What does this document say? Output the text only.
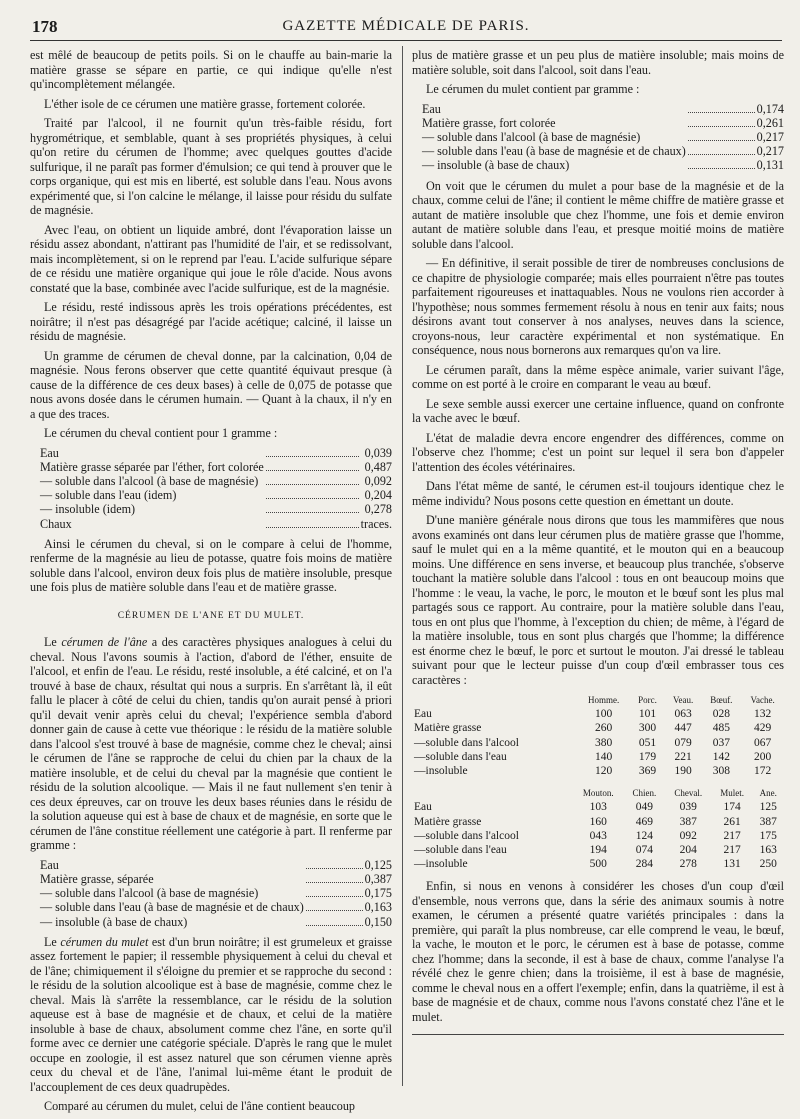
178	GAZETTE MÉDICALE DE PARIS.

est mêlé de beaucoup de petits poils. Si on le chauffe au bain-marie la matière grasse se sépare en partie, ce qui indique qu'elle n'est qu'incomplètement mélangée.

L'éther isole de ce cérumen une matière grasse, fortement colorée.

Traité par l'alcool, il ne fournit qu'un très-faible résidu, fort hygrométrique, et semblable, quant à ses propriétés physiques, à celui qu'on retire du cérumen de l'homme; avec quelques gouttes d'acide sulfurique, il ne paraît pas former d'émulsion; ce qui tend à prouver que le corps organique, qui est mis en liberté, est soluble dans l'eau. Nous avons expérimenté que, si l'on calcine le mélange, il laisse pour résidu du sulfate de magnésie.

Avec l'eau, on obtient un liquide ambré, dont l'évaporation laisse un résidu assez abondant, n'attirant pas l'humidité de l'air, et se redissolvant, mais incomplètement, si on le reprend par l'eau. L'acide sulfurique sépare de ce résidu une matière organique qui joue le rôle d'acide. Nous avons constaté que la base, combinée avec l'acide sulfurique, est de la magnésie.

Le résidu, resté indissous après les trois opérations précédentes, est noirâtre; il n'est pas désagrégé par l'acide acétique; calciné, il laisse un résidu de magnésie.

Un gramme de cérumen de cheval donne, par la calcination, 0,04 de magnésie. Nous ferons observer que cette quantité équivaut presque (à cause de la différence de ces deux bases) à celle de 0,075 de potasse que nous avons dosée dans le cérumen humain. — Quant à la chaux, il n'y en a que des traces.

Le cérumen du cheval contient pour 1 gramme :

Eau		0,039
Matière grasse séparée par l'éther, fort colorée		0,487
— soluble dans l'alcool (à base de magnésie)		0,092
— soluble dans l'eau (idem)		0,204
— insoluble (idem)		0,278
Chaux		traces.

Ainsi le cérumen du cheval, si on le compare à celui de l'homme, renferme de la magnésie au lieu de potasse, quatre fois moins de matière soluble dans l'alcool, environ deux fois plus de matière insoluble, presque une fois plus de matière soluble dans l'eau et de matière grasse.

CÉRUMEN DE L'ANE ET DU MULET.

Le cérumen de l'âne a des caractères physiques analogues à celui du cheval. Nous l'avons soumis à l'action, d'abord de l'éther, ensuite de l'alcool, et enfin de l'eau. Le résidu, resté insoluble, a été calciné, et on l'a trouvé à base de chaux, résultat qui nous a surpris. En s'arrêtant là, il eût fallu le placer à côté de celui du chien, tandis qu'on aurait pensé à priori qu'il devait venir après celui du cheval; l'expérience sembla d'abord donner gain de cause à cette vue théorique : le résidu de la matière soluble dans l'alcool s'est trouvé à base de magnésie, comme chez le cheval; ainsi le cérumen de l'âne se rapproche de celui du chien par la chaux de la matière insoluble, et de celui du cheval par la magnésie que contient le résidu de la solution alcoolique. — Mais il ne faut nullement s'en tenir à ces deux épreuves, car on trouve les deux bases réunies dans le résidu de la solution aqueuse qui est à base de chaux et de magnésie, en sorte que le cérumen de l'âne constitue réellement une catégorie à part. Il renferme par gramme :

Eau		0,125
Matière grasse, séparée		0,387
— soluble dans l'alcool (à base de magnésie)		0,175
— soluble dans l'eau (à base de magnésie et de chaux)		0,163
— insoluble (à base de chaux)		0,150

Le cérumen du mulet est d'un brun noirâtre; il est grumeleux et graisse assez fortement le papier; il ressemble physiquement à celui du cheval et de l'âne; chimiquement il s'éloigne du premier et se rapproche du second : le résidu de la solution alcoolique est à base de magnésie, comme chez le cheval. Mais là s'arrête la ressemblance, car le résidu de la solution aqueuse est à base de magnésie et de chaux, et celui de la matière insoluble à base de chaux, absolument comme chez l'âne, en sorte qu'il forme avec ce dernier une catégorie spéciale. D'après le rang que le mulet occupe en zoologie, il est assez naturel que son cérumen vienne après ceux du cheval et de l'âne, l'animal lui-même étant le produit de l'accouplement de ces deux quadrupèdes.

Comparé au cérumen du mulet, celui de l'âne contient beaucoup

plus de matière grasse et un peu plus de matière insoluble; mais moins de matière soluble, soit dans l'alcool, soit dans l'eau.

Le cérumen du mulet contient par gramme :

Eau		0,174
Matière grasse, fort colorée		0,261
— soluble dans l'alcool (à base de magnésie)		0,217
— soluble dans l'eau (à base de magnésie et de chaux)		0,217
— insoluble (à base de chaux)		0,131

On voit que le cérumen du mulet a pour base de la magnésie et de la chaux, comme celui de l'âne; il contient le même chiffre de matière grasse et autant de matière insoluble que chez l'homme, une fois et demie environ autant de matière soluble dans l'eau, et presque moitié moins de matière soluble dans l'alcool.

— En définitive, il serait possible de tirer de nombreuses conclusions de ce chapitre de physiologie comparée; mais elles pourraient n'être pas toutes parfaitement rigoureuses et inattaquables. Nous ne voulons rien accorder à l'hypothèse; nous sommes fermement résolu à nous en tenir aux faits; nous désirons avant tout conserver à nos analyses, neuves dans la science, croyons-nous, leur caractère expérimental et non systématique. En conséquence, nous nous bornerons aux remarques qu'on va lire.

Le cérumen paraît, dans la même espèce animale, varier suivant l'âge, comme on est porté à le croire en comparant le veau au bœuf.

Le sexe semble aussi exercer une certaine influence, quand on confronte la vache avec le bœuf.

L'état de maladie devra encore engendrer des différences, comme on l'observe chez l'homme; c'est un point sur lequel il sera bon d'appeler l'attention des écoles vétérinaires.

Dans l'état même de santé, le cérumen est-il toujours identique chez le même individu? Nous posons cette question en émettant un doute.

D'une manière générale nous dirons que tous les mammifères que nous avons examinés ont dans leur cérumen plus de matière grasse que l'homme, sauf le mulet qui en a la même quantité, et le mouton qui en a beaucoup moins. Une différence en sens inverse, et beaucoup plus tranchée, s'observe touchant la matière soluble dans l'alcool : tous en ont beaucoup moins que l'homme : le veau, la vache, le porc, le mouton et le bœuf sont les plus mal partagés sous ce rapport. Au contraire, pour la matière soluble dans l'eau, tous en ont plus que l'homme, à l'exception du chien; de même, à l'égard de la matière insoluble, tous en sont plus chargés que l'homme; la différence est énorme chez le bœuf, le porc et surtout le mouton. J'ai dressé le tableau suivant pour que le lecteur puisse d'un coup d'œil embrasser tous ces caractères :

	Homme.	Porc.	Veau.	Bœuf.	Vache.
Eau	100	101	063	028	132
Matière grasse	260	300	447	485	429
—soluble dans l'alcool	380	051	079	037	067
—soluble dans l'eau	140	179	221	142	200
—insoluble	120	369	190	308	172
	Mouton.	Chien.	Cheval.	Mulet.	Ane.
Eau	103	049	039	174	125
Matière grasse	160	469	387	261	387
—soluble dans l'alcool	043	124	092	217	175
—soluble dans l'eau	194	074	204	217	163
—insoluble	500	284	278	131	250

Enfin, si nous en venons à considérer les choses d'un coup d'œil d'ensemble, nous verrons que, dans la série des animaux soumis à notre examen, le cérumen a présenté quatre variétés principales : dans la première, qui paraît la plus nombreuse, car elle comprend le veau, le bœuf, la vache, le mouton et le porc, le cérumen est à base de potasse, comme chez l'homme; dans la seconde, il est à base de chaux, comme l'analyse l'a révélé chez le genre chien; dans la troisième, il est à base de magnésie, comme le cheval nous en a offert l'exemple; enfin, dans la quatrième, il est à base de magnésie et de chaux, comme nous l'avons constaté chez l'âne et le mulet.
